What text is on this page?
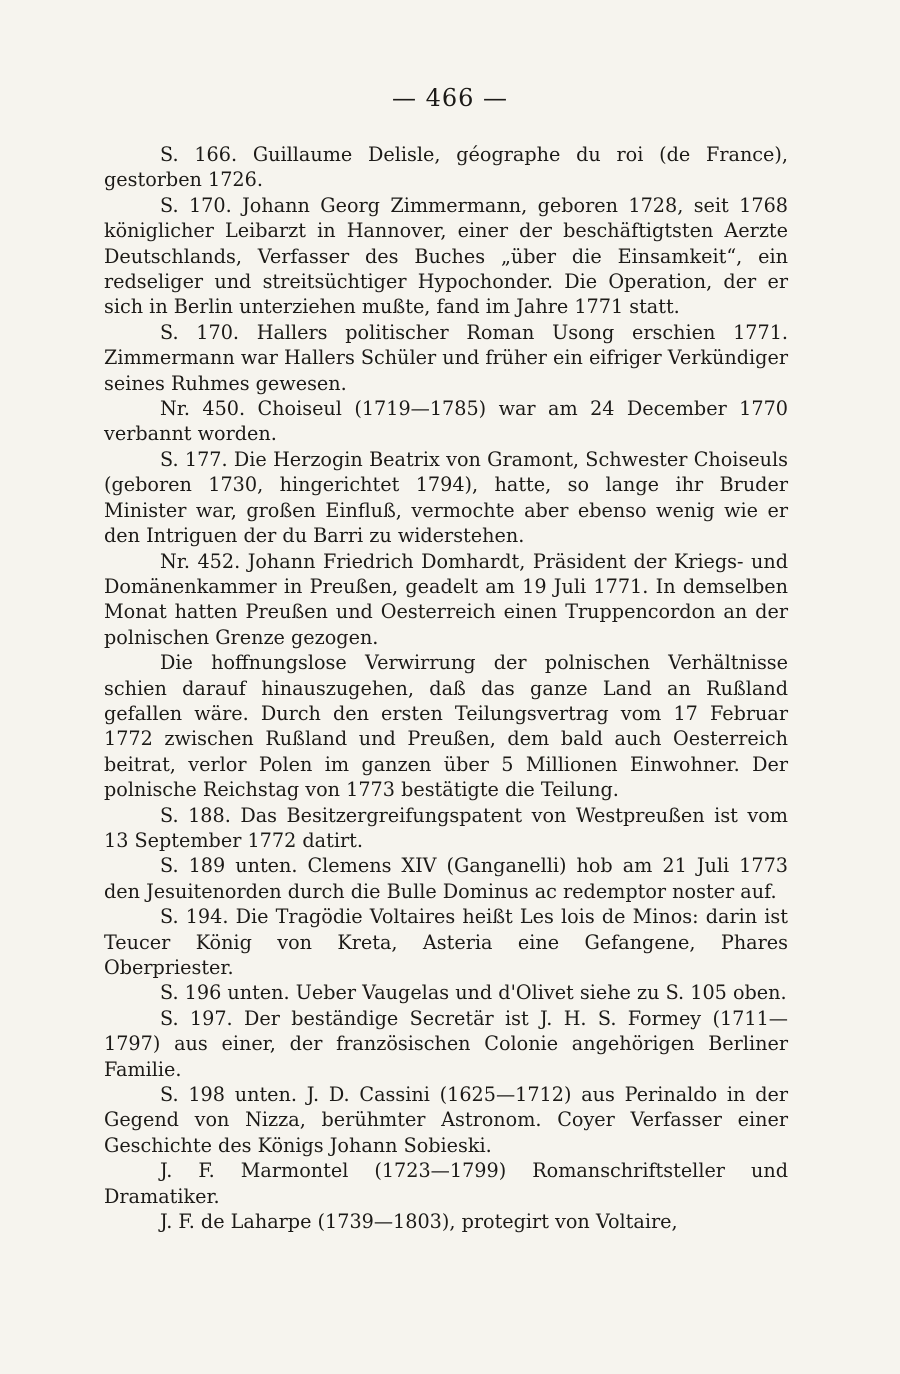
— 466 —

S. 166. Guillaume Delisle, géographe du roi (de France), gestorben 1726.

S. 170. Johann Georg Zimmermann, geboren 1728, seit 1768 königlicher Leibarzt in Hannover, einer der beschäftigtsten Aerzte Deutschlands, Verfasser des Buches „über die Einsamkeit“, ein redseliger und streitsüchtiger Hypochonder. Die Operation, der er sich in Berlin unterziehen mußte, fand im Jahre 1771 statt.

S. 170. Hallers politischer Roman Usong erschien 1771. Zimmermann war Hallers Schüler und früher ein eifriger Verkündiger seines Ruhmes gewesen.

Nr. 450. Choiseul (1719—1785) war am 24 December 1770 verbannt worden.

S. 177. Die Herzogin Beatrix von Gramont, Schwester Choiseuls (geboren 1730, hingerichtet 1794), hatte, so lange ihr Bruder Minister war, großen Einfluß, vermochte aber ebenso wenig wie er den Intriguen der du Barri zu widerstehen.

Nr. 452. Johann Friedrich Domhardt, Präsident der Kriegs- und Domänenkammer in Preußen, geadelt am 19 Juli 1771. In demselben Monat hatten Preußen und Oesterreich einen Truppencordon an der polnischen Grenze gezogen.

Die hoffnungslose Verwirrung der polnischen Verhältnisse schien darauf hinauszugehen, daß das ganze Land an Rußland gefallen wäre. Durch den ersten Teilungsvertrag vom 17 Februar 1772 zwischen Rußland und Preußen, dem bald auch Oesterreich beitrat, verlor Polen im ganzen über 5 Millionen Einwohner. Der polnische Reichstag von 1773 bestätigte die Teilung.

S. 188. Das Besitzergreifungspatent von Westpreußen ist vom 13 September 1772 datirt.

S. 189 unten. Clemens XIV (Ganganelli) hob am 21 Juli 1773 den Jesuitenorden durch die Bulle Dominus ac redemptor noster auf.

S. 194. Die Tragödie Voltaires heißt Les lois de Minos: darin ist Teucer König von Kreta, Asteria eine Gefangene, Phares Oberpriester.

S. 196 unten. Ueber Vaugelas und d'Olivet siehe zu S. 105 oben.

S. 197. Der beständige Secretär ist J. H. S. Formey (1711—1797) aus einer, der französischen Colonie angehörigen Berliner Familie.

S. 198 unten. J. D. Cassini (1625—1712) aus Perinaldo in der Gegend von Nizza, berühmter Astronom. Coyer Verfasser einer Geschichte des Königs Johann Sobieski.

J. F. Marmontel (1723—1799) Romanschriftsteller und Dramatiker.

J. F. de Laharpe (1739—1803), protegirt von Voltaire,
